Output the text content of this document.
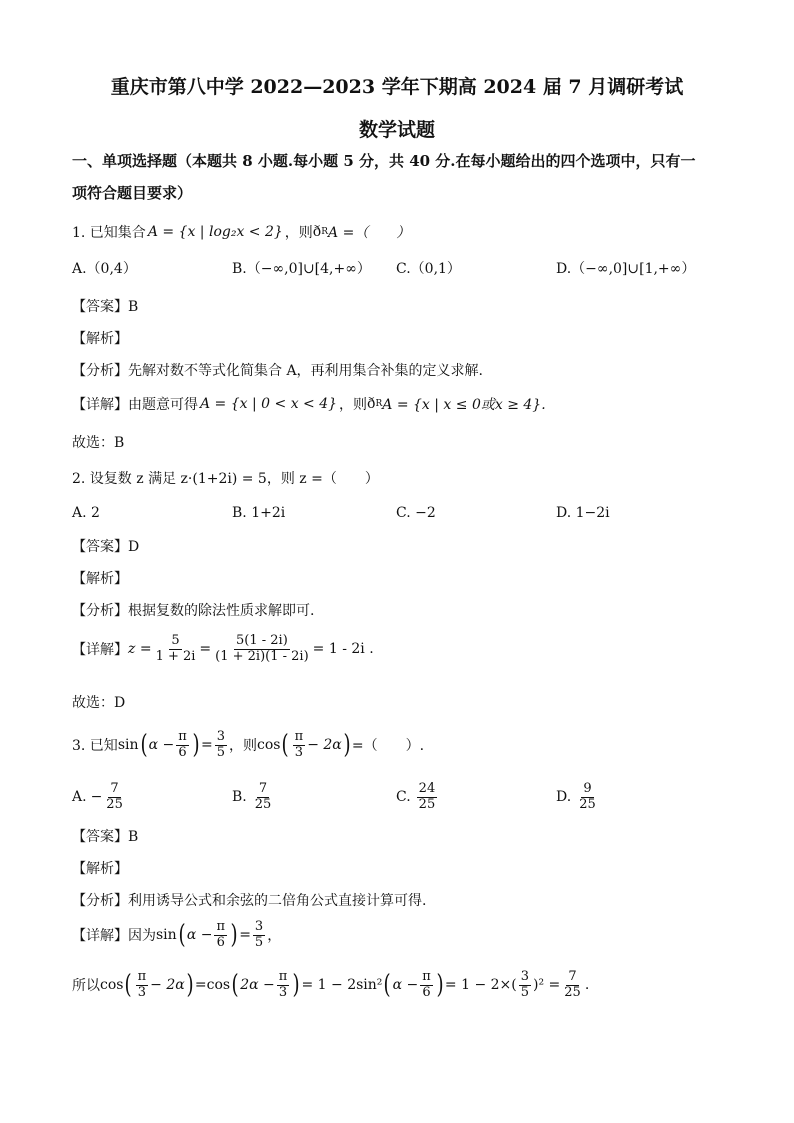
重庆市第八中学 2022—2023 学年下期高 2024 届 7 月调研考试
数学试题
一、单项选择题（本题共 8 小题.每小题 5 分，共 40 分.在每小题给出的四个选项中，只有一
项符合题目要求）
1. 已知集合 A = {x | log₂x < 2} ，则 ð R A =（　　）
A.（0,4）	B.（−∞,0]∪[4,+∞） C.（0,1）	D.（−∞,0]∪[1,+∞）
【答案】B
【解析】
【分析】先解对数不等式化简集合 A，再利用集合补集的定义求解.
【详解】由题意可得 A = {x | 0 < x < 4} ，则 ð R A = {x | x ≤ 0或x ≥ 4}.
故选：B
2. 设复数 z 满足 z·(1+2i) = 5，则 z =（　　）
A. 2	B. 1+2i	C. −2	D. 1−2i
【答案】D
【解析】
【分析】根据复数的除法性质求解即可.
【详解】 $z = \frac{5}{1 + 2i} = \frac{5(1 - 2i)}{(1 + 2i)(1 - 2i)} = 1 - 2i$ .
故选：D
3. 已知 sin ( $\alpha - \frac{\pi}{6}$ ) = $\frac{3}{5}$ ，则 cos ( $\frac{\pi}{3} - 2\alpha$ ) =（　　）.
A. − $\frac{7}{25}$	B. $\frac{7}{25}$	C. $\frac{24}{25}$	D. $\frac{9}{25}$
【答案】B
【解析】
【分析】利用诱导公式和余弦的二倍角公式直接计算可得.
【详解】因为 sin ( $\alpha - \frac{\pi}{6}$ ) = $\frac{3}{5}$ ，
所以 cos ( $\frac{\pi}{3} - 2\alpha$ ) = cos ( $2\alpha - \frac{\pi}{3}$ ) = 1 − 2sin² ( $\alpha - \frac{\pi}{6}$ ) = $1 - 2\times( \frac{3}{5} )^2 = \frac{7}{25}$ .
